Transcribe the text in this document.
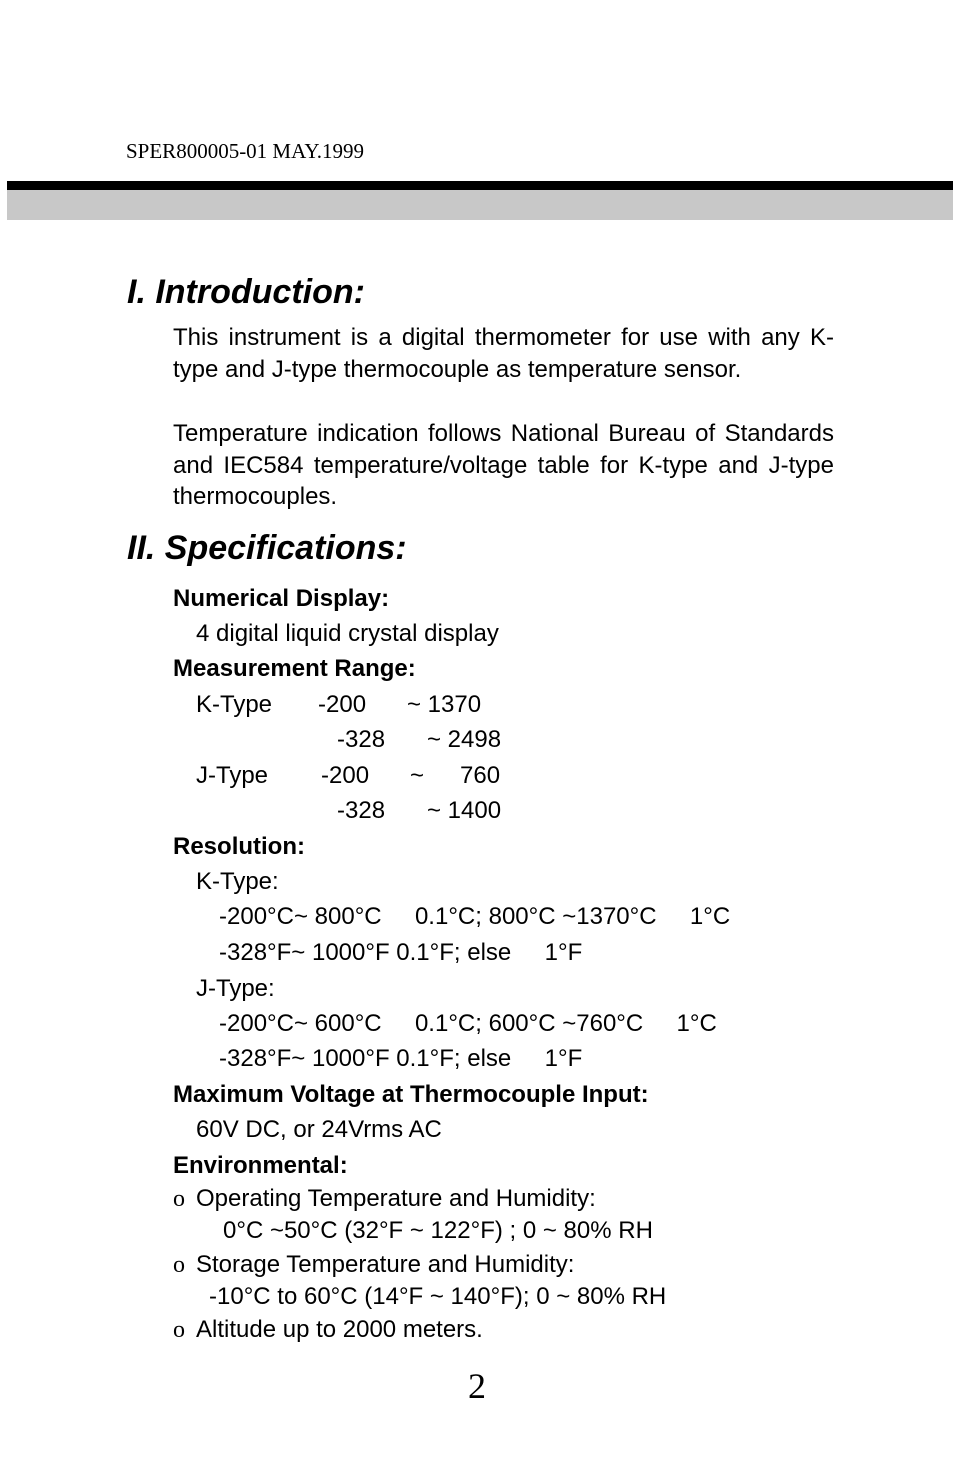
SPER800005-01 MAY.1999
I. Introduction:

This instrument is a digital thermometer for use with any K-type and J-type thermocouple as temperature sensor.

Temperature indication follows National Bureau of Standards and IEC584 temperature/voltage table for K-type and J-type thermocouples.

II. Specifications:
Numerical Display:
4 digital liquid crystal display
Measurement Range:
K-Type -200 ~ 1370
-328 ~ 2498
J-Type -200 ~ 760
-328 ~ 1400
Resolution:
K-Type:
-200°C~ 800°C     0.1°C; 800°C ~1370°C     1°C
-328°F~ 1000°F 0.1°F; else     1°F
J-Type:
-200°C~ 600°C     0.1°C; 600°C ~760°C     1°C
-328°F~ 1000°F 0.1°F; else     1°F
Maximum Voltage at Thermocouple Input:
60V DC, or 24Vrms AC
Environmental:
o Operating Temperature and Humidity:
0°C ~50°C (32°F ~ 122°F) ; 0 ~ 80% RH
o Storage Temperature and Humidity:
-10°C to 60°C (14°F ~ 140°F); 0 ~ 80% RH
o Altitude up to 2000 meters.
2
